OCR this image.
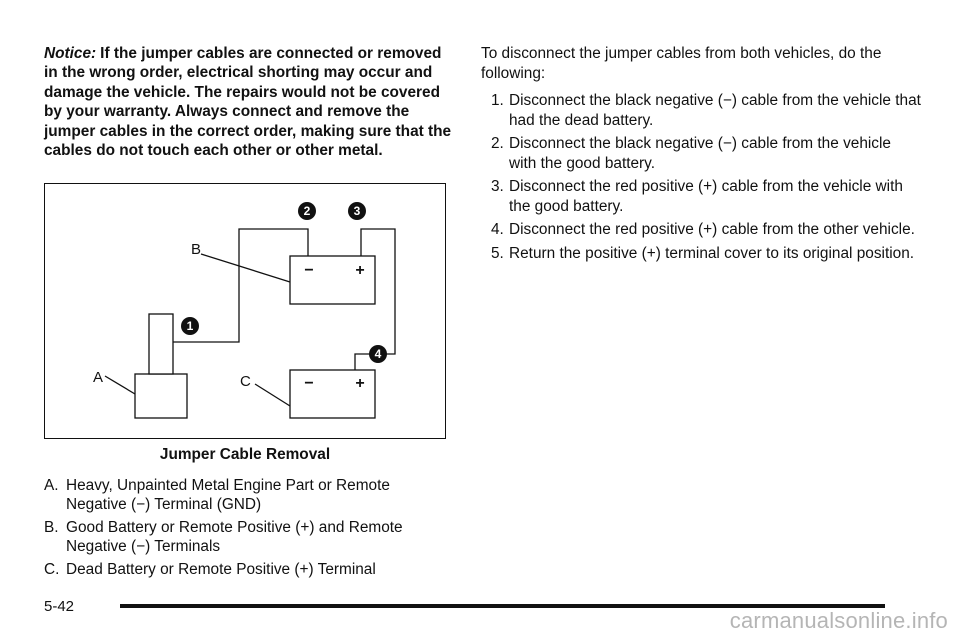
Notice: If the jumper cables are connected or removed in the wrong order, electrical shorting may occur and damage the vehicle. The repairs would not be covered by your warranty. Always connect and remove the jumper cables in the correct order, making sure that the cables do not touch each other or other metal.
1
2	3
4
B
A	C
−	+
−	+
Jumper Cable Removal
A. Heavy, Unpainted Metal Engine Part or Remote Negative (−) Terminal (GND)
B. Good Battery or Remote Positive (+) and Remote Negative (−) Terminals
C. Dead Battery or Remote Positive (+) Terminal
To disconnect the jumper cables from both vehicles, do the following:
1. Disconnect the black negative (−) cable from the vehicle that had the dead battery.
2. Disconnect the black negative (−) cable from the vehicle with the good battery.
3. Disconnect the red positive (+) cable from the vehicle with the good battery.
4. Disconnect the red positive (+) cable from the other vehicle.
5. Return the positive (+) terminal cover to its original position.
5-42
carmanualsonline.info
